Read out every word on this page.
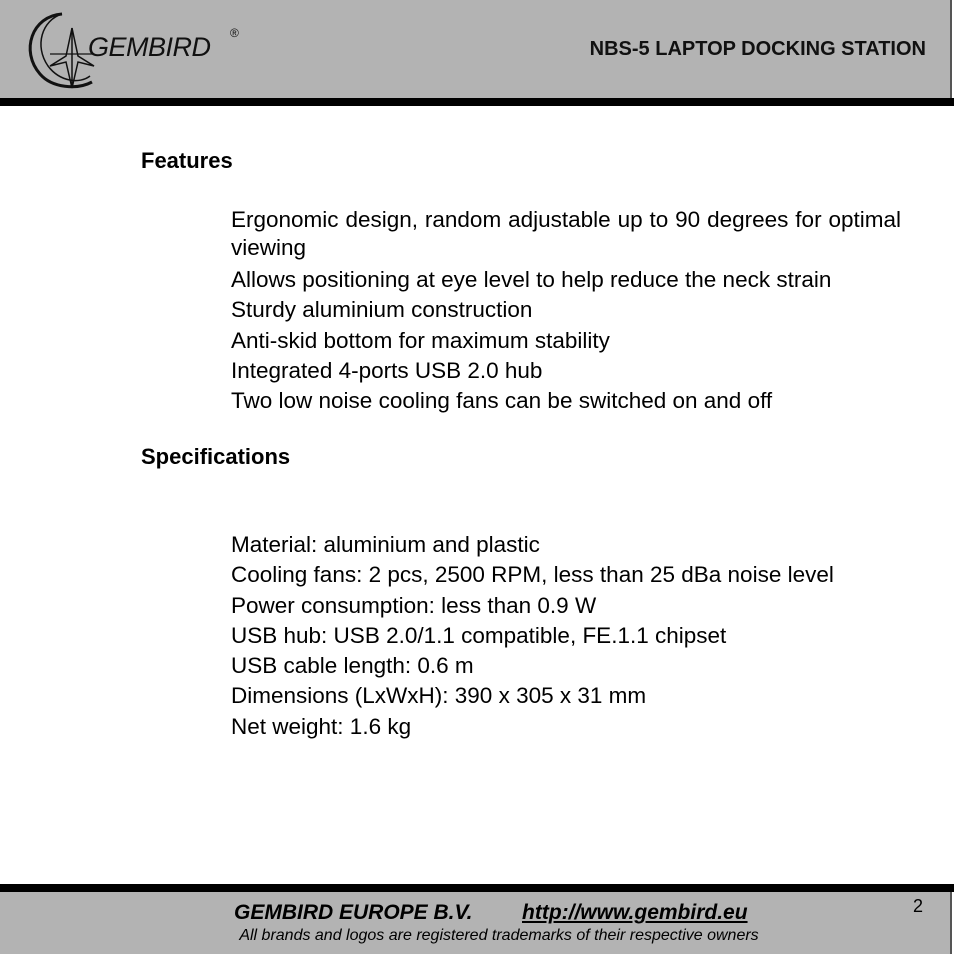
GEMBIRD ®
NBS-5 LAPTOP DOCKING STATION
Features
Ergonomic design, random adjustable up to 90 degrees for optimal viewing
Allows positioning at eye level to help reduce the neck strain
Sturdy aluminium construction
Anti-skid bottom for maximum stability
Integrated 4-ports USB 2.0 hub
Two low noise cooling fans can be switched on and off
Specifications
Material: aluminium and plastic
Cooling fans: 2 pcs, 2500 RPM, less than 25 dBa noise level
Power consumption: less than 0.9 W
USB hub: USB 2.0/1.1 compatible, FE.1.1 chipset
USB cable length: 0.6 m
Dimensions (LxWxH): 390 x 305 x 31 mm
Net weight: 1.6 kg
GEMBIRD EUROPE B.V. http://www.gembird.eu
All brands and logos are registered trademarks of their respective owners
2
